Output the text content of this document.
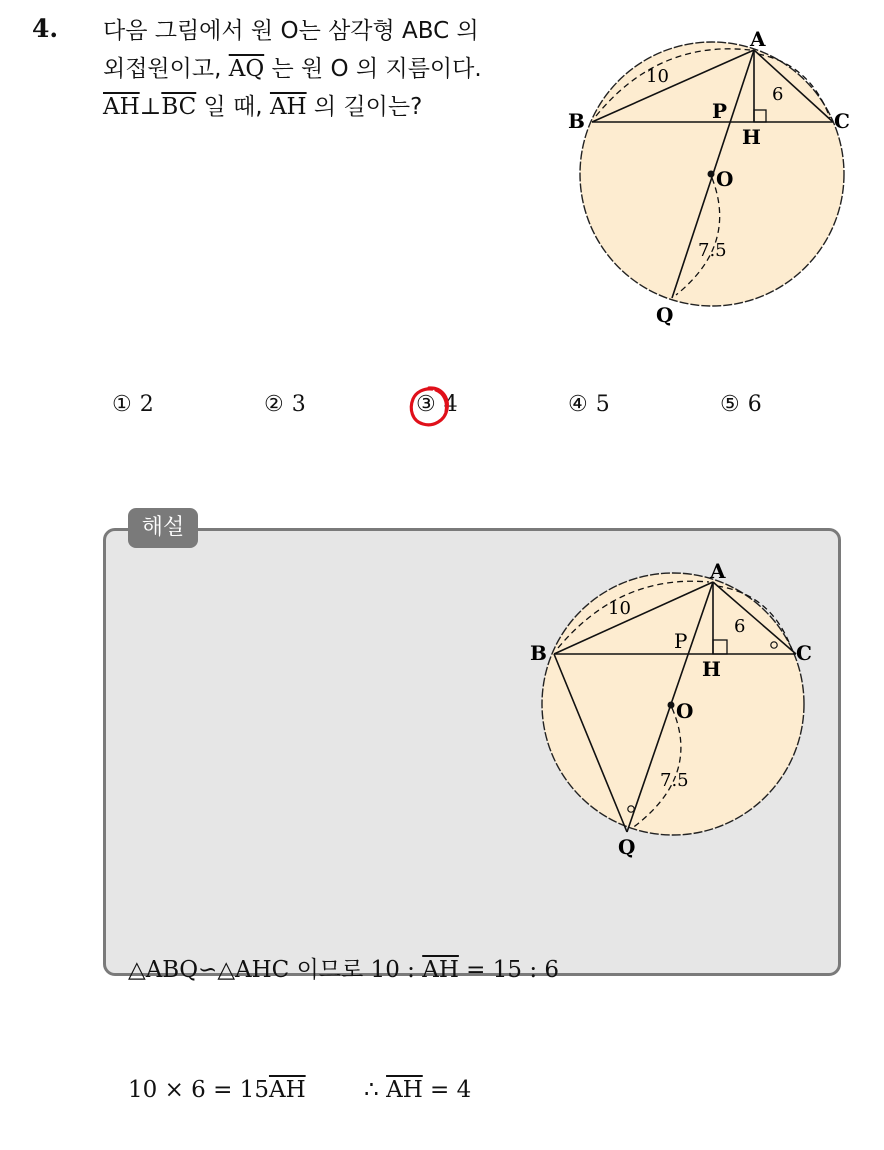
4. 다음 그림에서 원 O는 삼각형 ABC 의
외접원이고, $\overline{AQ}$ 는 원 O 의 지름이다.
$\overline{AH}\perp\overline{BC}$ 일 때, $\overline{AH}$ 의 길이는?
A
B	C
H
P
O
Q
10
6
7.5
① 2	② 3	③ 4	④ 5	⑤ 6
해설
A
B	C
H
P
O
Q
10
6
7.5

△ABQ∽△AHC 이므로 10 : $\overline{AH} = 15$ : 6

$10 \times 6 = 15\overline{AH}$        ∴ $\overline{AH} = 4$
